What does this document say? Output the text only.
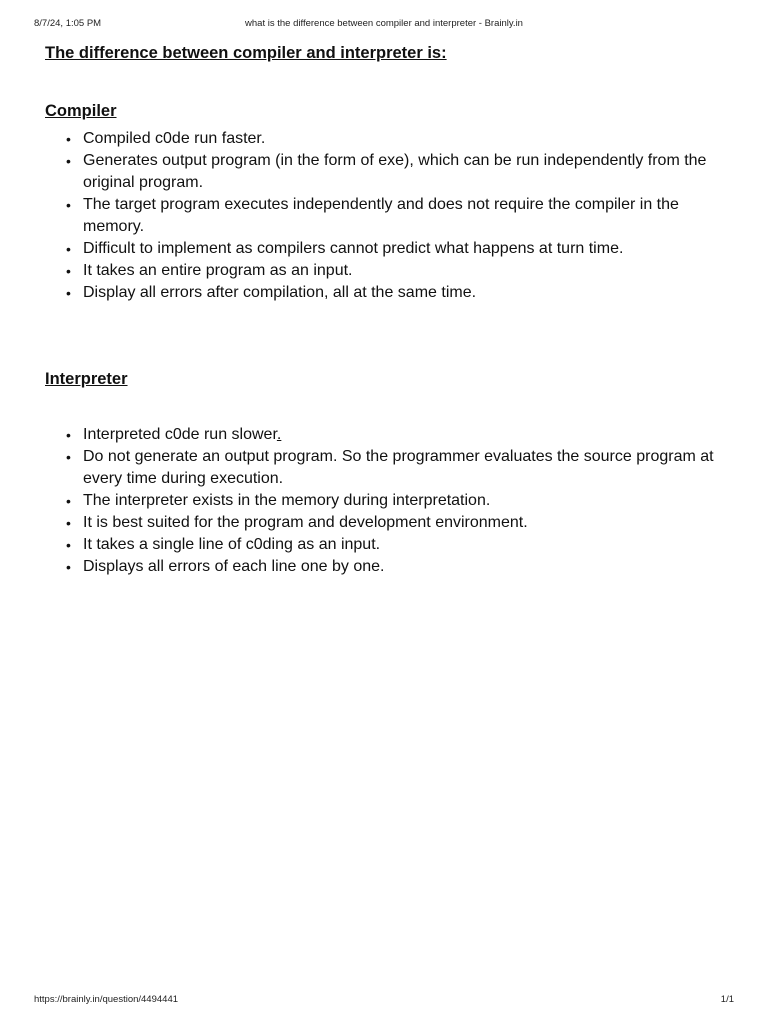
8/7/24, 1:05 PM	what is the difference between compiler and interpreter - Brainly.in
The difference between compiler and interpreter is:
Compiler
• Compiled c0de run faster.
• Generates output program (in the form of exe), which can be run independently from the original program.
• The target program executes independently and does not require the compiler in the memory.
• Difficult to implement as compilers cannot predict what happens at turn time.
• It takes an entire program as an input.
• Display all errors after compilation, all at the same time.
Interpreter
• Interpreted c0de run slower.
• Do not generate an output program. So the programmer evaluates the source program at every time during execution.
• The interpreter exists in the memory during interpretation.
• It is best suited for the program and development environment.
• It takes a single line of c0ding as an input.
• Displays all errors of each line one by one.
https://brainly.in/question/4494441	1/1
